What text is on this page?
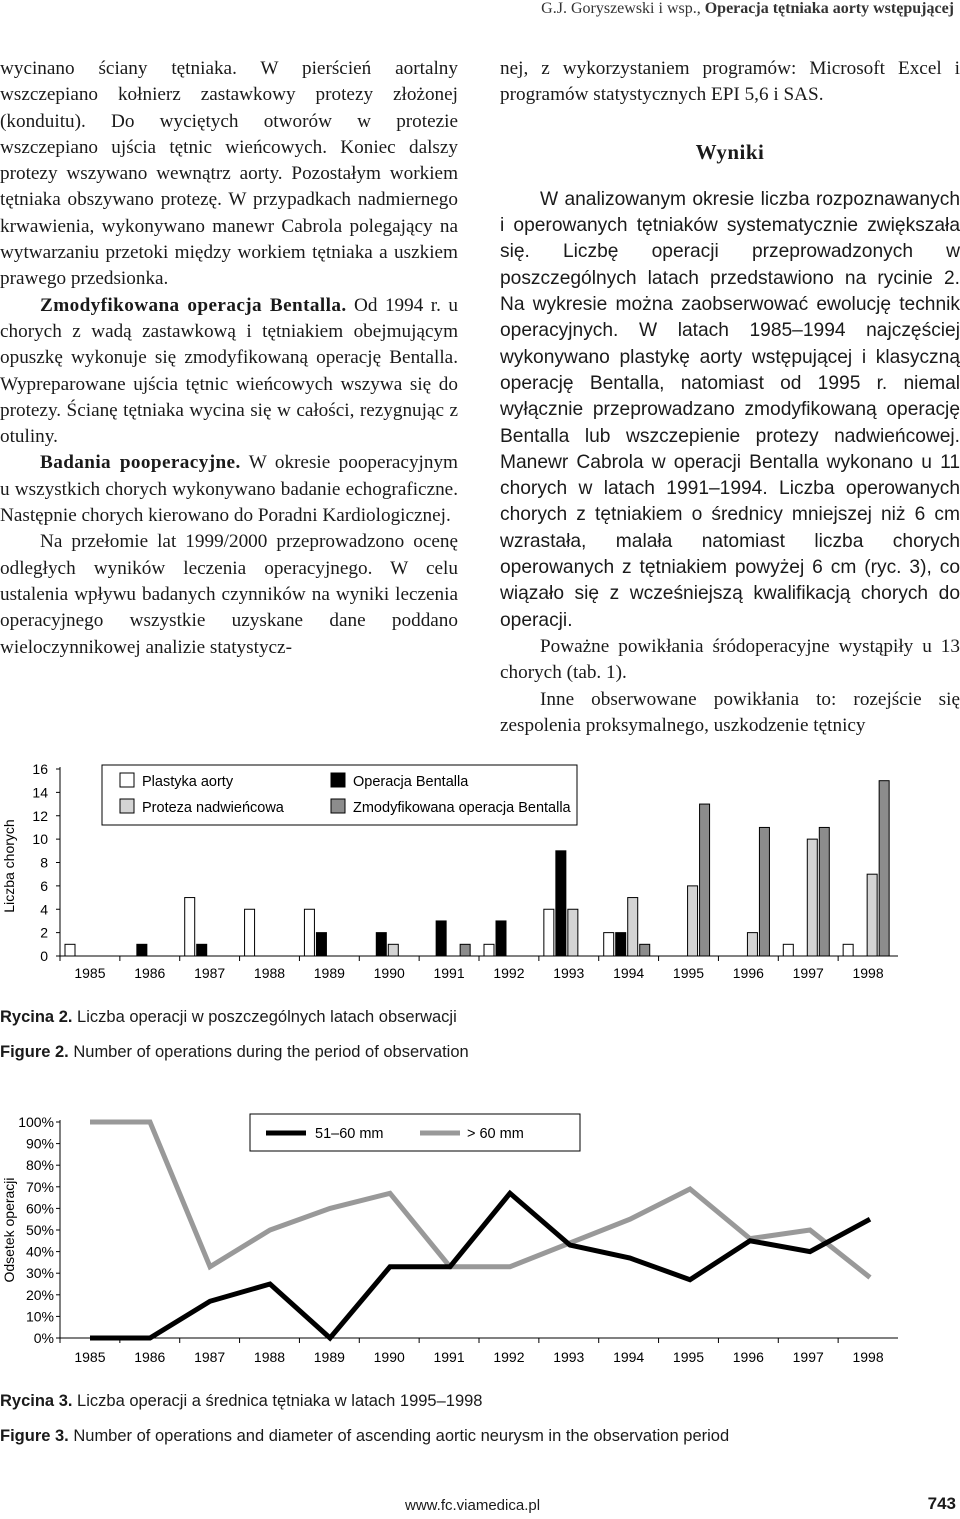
G.J. Goryszewski i wsp., Operacja tętniaka aorty wstępującej

wycinano ściany tętniaka. W pierścień aortalny wszczepiano kołnierz zastawkowy protezy złożonej (konduitu). Do wyciętych otworów w protezie wszczepiano ujścia tętnic wieńcowych. Koniec dalszy protezy wszywano wewnątrz aorty. Pozostałym workiem tętniaka obszywano protezę. W przypadkach nadmiernego krwawienia, wykonywano manewr Cabrola polegający na wytwarzaniu przetoki między workiem tętniaka a uszkiem prawego przedsionka.

Zmodyfikowana operacja Bentalla. Od 1994 r. u chorych z wadą zastawkową i tętniakiem obejmującym opuszkę wykonuje się zmodyfikowaną operację Bentalla. Wypreparowane ujścia tętnic wieńcowych wszywa się do protezy. Ścianę tętniaka wycina się w całości, rezygnując z otuliny.

Badania pooperacyjne. W okresie pooperacyjnym u wszystkich chorych wykonywano badanie echograficzne. Następnie chorych kierowano do Poradni Kardiologicznej.

Na przełomie lat 1999/2000 przeprowadzono ocenę odległych wyników leczenia operacyjnego. W celu ustalenia wpływu badanych czynników na wyniki leczenia operacyjnego wszystkie uzyskane dane poddano wieloczynnikowej analizie statystycz-

nej, z wykorzystaniem programów: Microsoft Excel i programów statystycznych EPI 5,6 i SAS.

Wyniki

W analizowanym okresie liczba rozpoznawanych i operowanych tętniaków systematycznie zwiększała się. Liczbę operacji przeprowadzonych w poszczególnych latach przedstawiono na rycinie 2. Na wykresie można zaobserwować ewolucję technik operacyjnych. W latach 1985–1994 najczęściej wykonywano plastykę aorty wstępującej i klasyczną operację Bentalla, natomiast od 1995 r. niemal wyłącznie przeprowadzano zmodyfikowaną operację Bentalla lub wszczepienie protezy nadwieńcowej. Manewr Cabrola w operacji Bentalla wykonano u 11 chorych w latach 1991–1994. Liczba operowanych chorych z tętniakiem o średnicy mniejszej niż 6 cm wzrastała, malała natomiast liczba chorych operowanych z tętniakiem powyżej 6 cm (ryc. 3), co wiązało się z wcześniejszą kwalifikacją chorych do operacji.

Poważne powikłania śródoperacyjne wystąpiły u 13 chorych (tab. 1).

Inne obserwowane powikłania to: rozejście się zespolenia proksymalnego, uszkodzenie tętnicy

0
2
4
6
8
10
12
14
16
Liczba chorych
1985 1986 1987 1988 1989 1990 1991 1992 1993 1994 1995 1996 1997 1998
Plastyka aorty	Operacja Bentalla
Proteza nadwieńcowa	Zmodyfikowana operacja Bentalla
Rycina 2. Liczba operacji w poszczególnych latach obserwacji
Figure 2. Number of operations during the period of observation
0%
10%
20%
30%
40%
50%
60%
70%
80%
90%
100%
Odsetek operacji
1985 1986 1987 1988 1989 1990 1991 1992 1993 1994 1995 1996 1997 1998
51–60 mm	> 60 mm
Rycina 3. Liczba operacji a średnica tętniaka w latach 1995–1998
Figure 3. Number of operations and diameter of ascending aortic neurysm in the observation period
www.fc.viamedica.pl	743
